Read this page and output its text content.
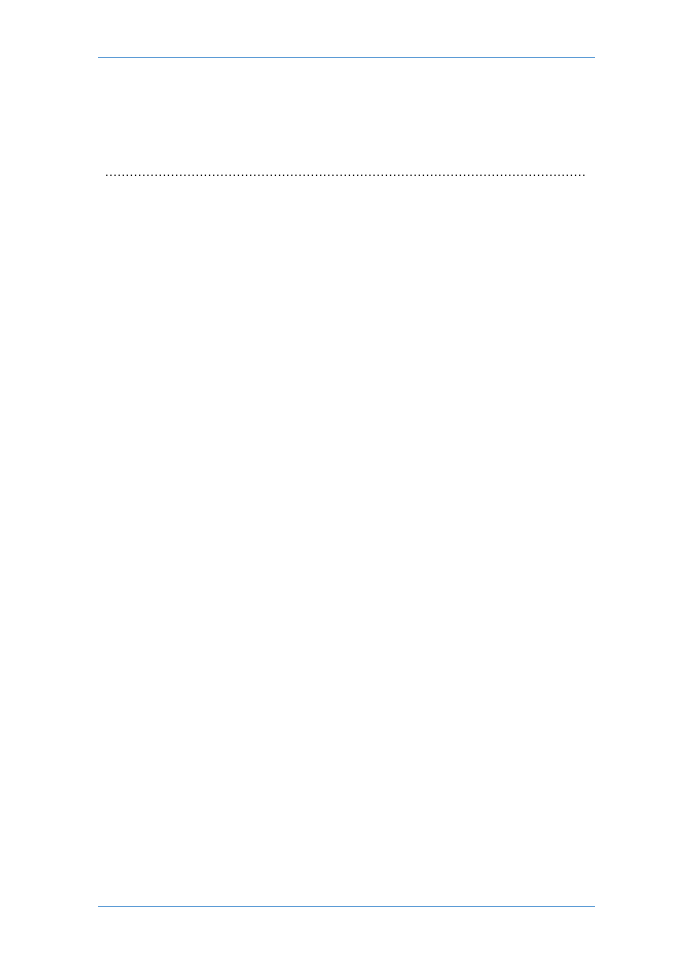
.....
